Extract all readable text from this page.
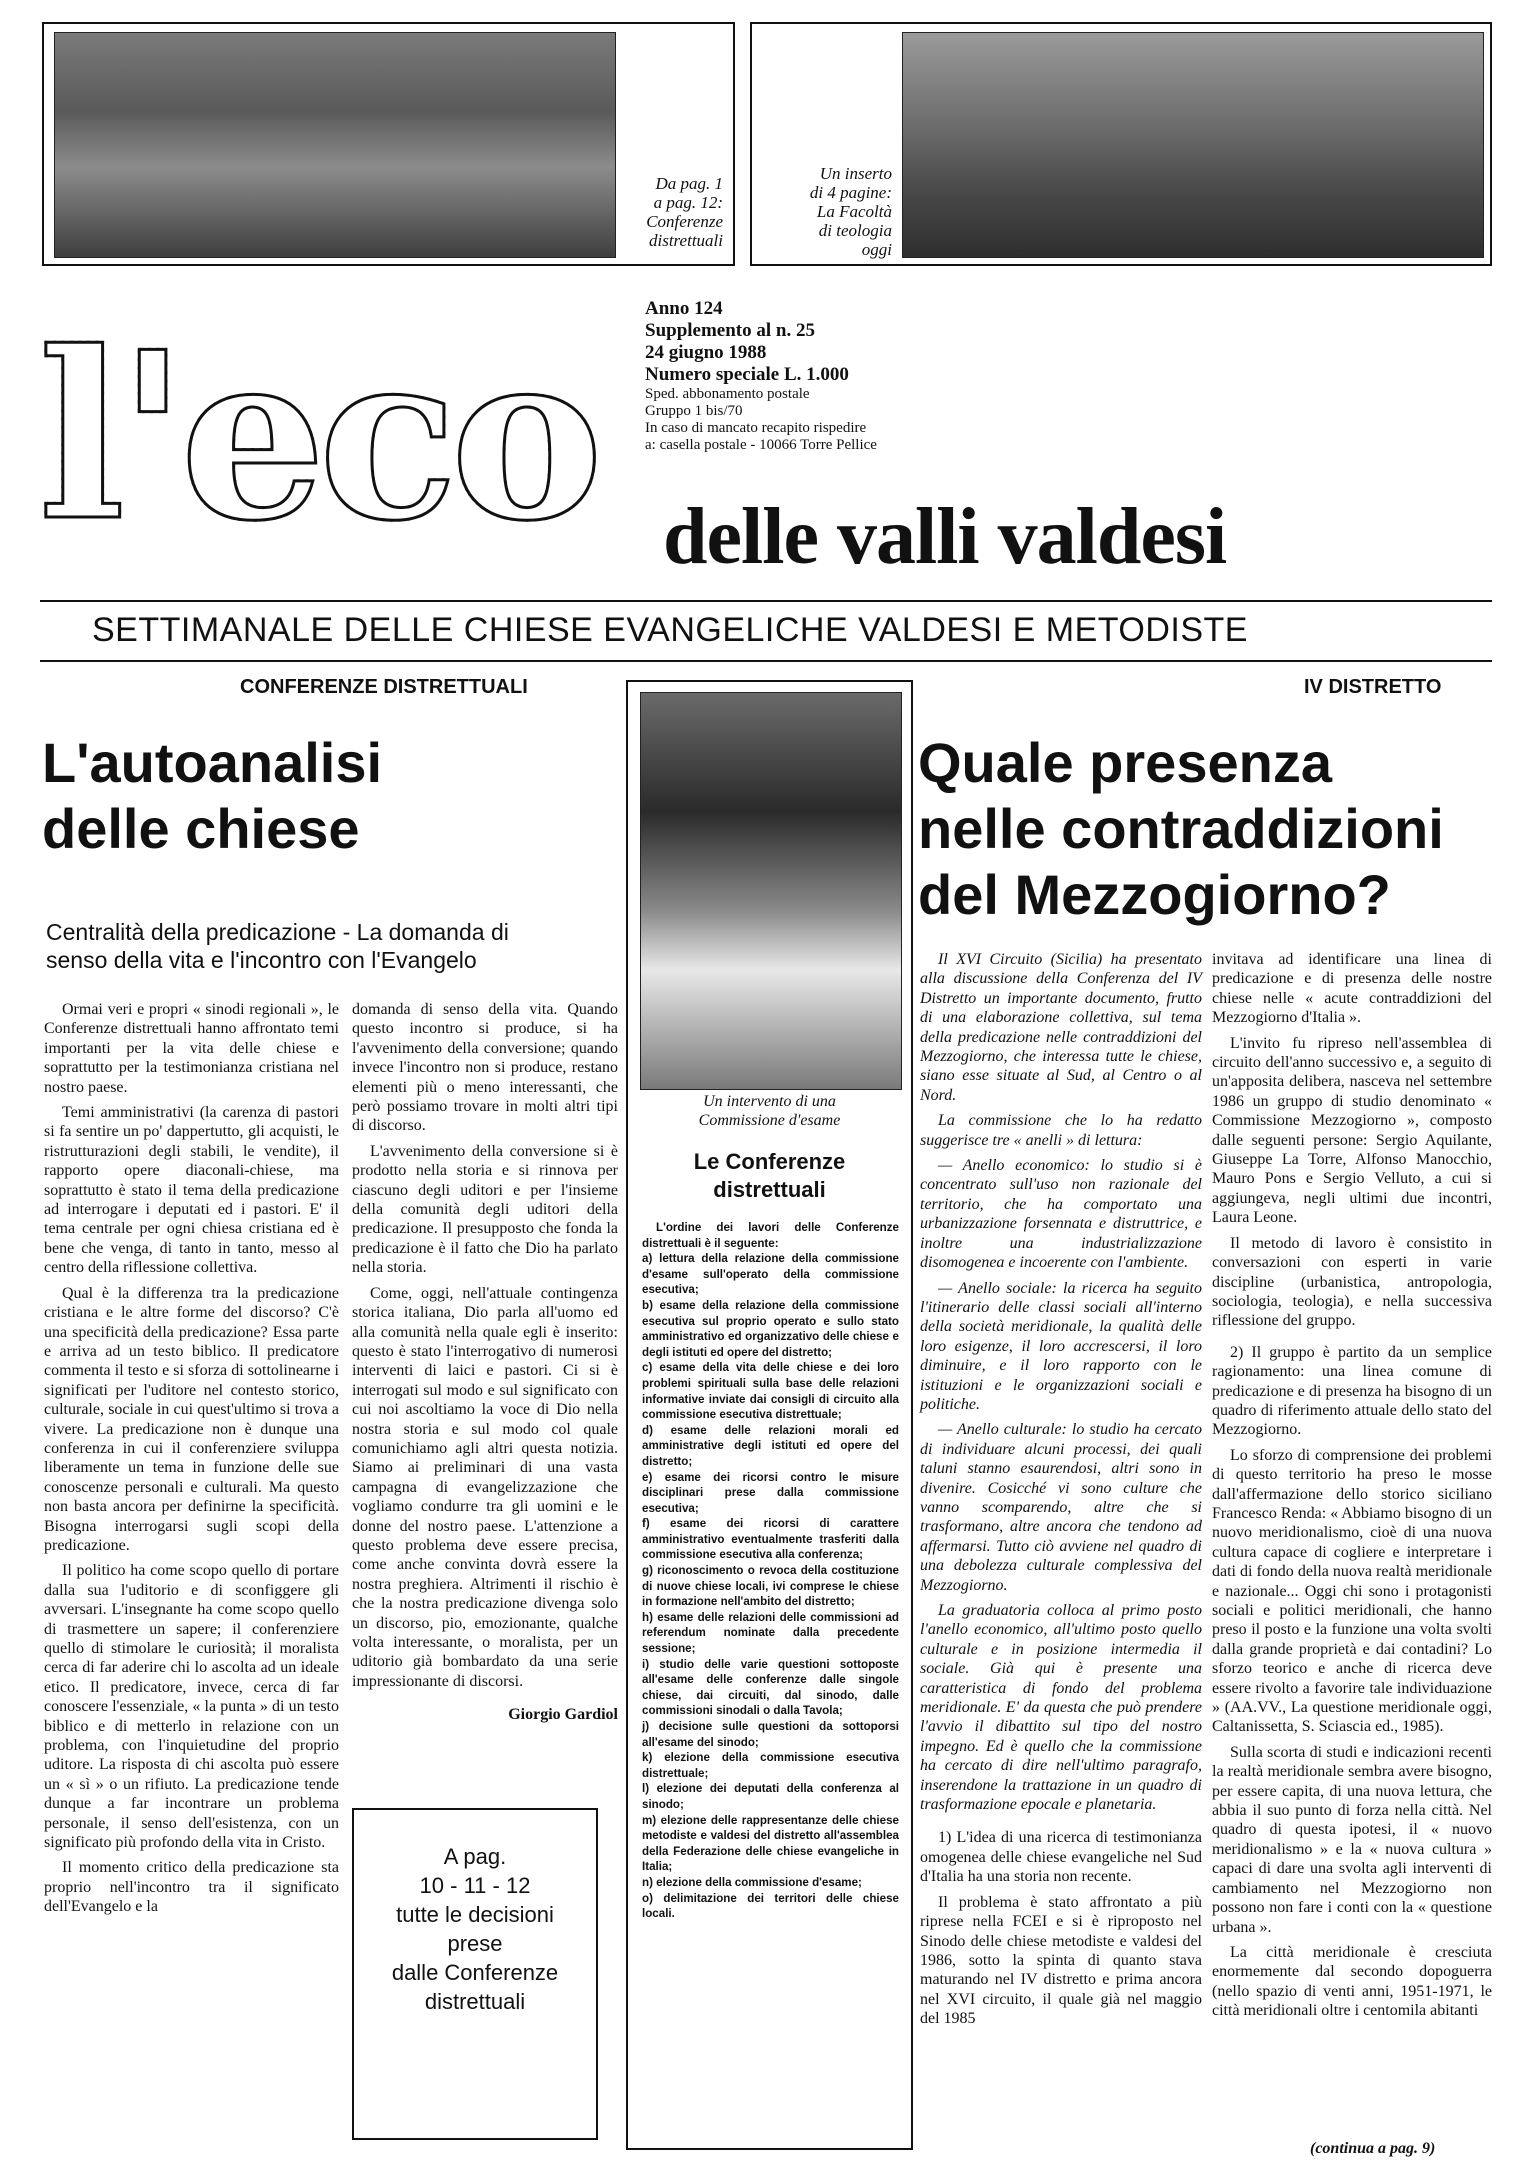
Da pag. 1
a pag. 12:
Conferenze
distrettuali
Un inserto
di 4 pagine:
La Facoltà
di teologia
oggi
l'eco	Anno 124
Supplemento al n. 25
24 giugno 1988
Numero speciale L. 1.000
Sped. abbonamento postale
Gruppo 1 bis/70
In caso di mancato recapito rispedire
a: casella postale - 10066 Torre Pellice
delle valli valdesi
SETTIMANALE DELLE CHIESE EVANGELICHE VALDESI E METODISTE
CONFERENZE DISTRETTUALI
L'autoanalisi
delle chiese
Centralità della predicazione - La domanda di
senso della vita e l'incontro con l'Evangelo

Ormai veri e propri « sinodi regionali », le Conferenze distrettuali hanno affrontato temi importanti per la vita delle chiese e soprattutto per la testimonianza cristiana nel nostro paese.

Temi amministrativi (la carenza di pastori si fa sentire un po' dappertutto, gli acquisti, le ristrutturazioni degli stabili, le vendite), il rapporto opere diaconali-chiese, ma soprattutto è stato il tema della predicazione ad interrogare i deputati ed i pastori. E' il tema centrale per ogni chiesa cristiana ed è bene che venga, di tanto in tanto, messo al centro della riflessione collettiva.

Qual è la differenza tra la predicazione cristiana e le altre forme del discorso? C'è una specificità della predicazione? Essa parte e arriva ad un testo biblico. Il predicatore commenta il testo e si sforza di sottolinearne i significati per l'uditore nel contesto storico, culturale, sociale in cui quest'ultimo si trova a vivere. La predicazione non è dunque una conferenza in cui il conferenziere sviluppa liberamente un tema in funzione delle sue conoscenze personali e culturali. Ma questo non basta ancora per definirne la specificità. Bisogna interrogarsi sugli scopi della predicazione.

Il politico ha come scopo quello di portare dalla sua l'uditorio e di sconfiggere gli avversari. L'insegnante ha come scopo quello di trasmettere un sapere; il conferenziere quello di stimolare le curiosità; il moralista cerca di far aderire chi lo ascolta ad un ideale etico. Il predicatore, invece, cerca di far conoscere l'essenziale, « la punta » di un testo biblico e di metterlo in relazione con un problema, con l'inquietudine del proprio uditore. La risposta di chi ascolta può essere un « sì » o un rifiuto. La predicazione tende dunque a far incontrare un problema personale, il senso dell'esistenza, con un significato più profondo della vita in Cristo.

Il momento critico della predicazione sta proprio nell'incontro tra il significato dell'Evangelo e la

domanda di senso della vita. Quando questo incontro si produce, si ha l'avvenimento della conversione; quando invece l'incontro non si produce, restano elementi più o meno interessanti, che però possiamo trovare in molti altri tipi di discorso.

L'avvenimento della conversione si è prodotto nella storia e si rinnova per ciascuno degli uditori e per l'insieme della comunità degli uditori della predicazione. Il presupposto che fonda la predicazione è il fatto che Dio ha parlato nella storia.

Come, oggi, nell'attuale contingenza storica italiana, Dio parla all'uomo ed alla comunità nella quale egli è inserito: questo è stato l'interrogativo di numerosi interventi di laici e pastori. Ci si è interrogati sul modo e sul significato con cui noi ascoltiamo la voce di Dio nella nostra storia e sul modo col quale comunichiamo agli altri questa notizia. Siamo ai preliminari di una vasta campagna di evangelizzazione che vogliamo condurre tra gli uomini e le donne del nostro paese. L'attenzione a questo problema deve essere precisa, come anche convinta dovrà essere la nostra preghiera. Altrimenti il rischio è che la nostra predicazione divenga solo un discorso, pio, emozionante, qualche volta interessante, o moralista, per un uditorio già bombardato da una serie impressionante di discorsi.

Giorgio Gardiol
A pag.
10 - 11 - 12
tutte le decisioni
prese
dalle Conferenze
distrettuali
Un intervento di una
Commissione d'esame
Le Conferenze
distrettuali

L'ordine dei lavori delle Conferenze distrettuali è il seguente:

a) lettura della relazione della commissione d'esame sull'operato della commissione esecutiva;

b) esame della relazione della commissione esecutiva sul proprio operato e sullo stato amministrativo ed organizzativo delle chiese e degli istituti ed opere del distretto;

c) esame della vita delle chiese e dei loro problemi spirituali sulla base delle relazioni informative inviate dai consigli di circuito alla commissione esecutiva distrettuale;

d) esame delle relazioni morali ed amministrative degli istituti ed opere del distretto;

e) esame dei ricorsi contro le misure disciplinari prese dalla commissione esecutiva;

f) esame dei ricorsi di carattere amministrativo eventualmente trasferiti dalla commissione esecutiva alla conferenza;

g) riconoscimento o revoca della costituzione di nuove chiese locali, ivi comprese le chiese in formazione nell'ambito del distretto;

h) esame delle relazioni delle commissioni ad referendum nominate dalla precedente sessione;

i) studio delle varie questioni sottoposte all'esame delle conferenze dalle singole chiese, dai circuiti, dal sinodo, dalle commissioni sinodali o dalla Tavola;

j) decisione sulle questioni da sottoporsi all'esame del sinodo;

k) elezione della commissione esecutiva distrettuale;

l) elezione dei deputati della conferenza al sinodo;

m) elezione delle rappresentanze delle chiese metodiste e valdesi del distretto all'assemblea della Federazione delle chiese evangeliche in Italia;

n) elezione della commissione d'esame;

o) delimitazione dei territori delle chiese locali.

IV DISTRETTO
Quale presenza
nelle contraddizioni
del Mezzogiorno?

Il XVI Circuito (Sicilia) ha presentato alla discussione della Conferenza del IV Distretto un importante documento, frutto di una elaborazione collettiva, sul tema della predicazione nelle contraddizioni del Mezzogiorno, che interessa tutte le chiese, siano esse situate al Sud, al Centro o al Nord.

La commissione che lo ha redatto suggerisce tre « anelli » di lettura:

— Anello economico: lo studio si è concentrato sull'uso non razionale del territorio, che ha comportato una urbanizzazione forsennata e distruttrice, e inoltre una industrializzazione disomogenea e incoerente con l'ambiente.

— Anello sociale: la ricerca ha seguito l'itinerario delle classi sociali all'interno della società meridionale, la qualità delle loro esigenze, il loro accrescersi, il loro diminuire, e il loro rapporto con le istituzioni e le organizzazioni sociali e politiche.

— Anello culturale: lo studio ha cercato di individuare alcuni processi, dei quali taluni stanno esaurendosi, altri sono in divenire. Cosicché vi sono culture che vanno scomparendo, altre che si trasformano, altre ancora che tendono ad affermarsi. Tutto ciò avviene nel quadro di una debolezza culturale complessiva del Mezzogiorno.

La graduatoria colloca al primo posto l'anello economico, all'ultimo posto quello culturale e in posizione intermedia il sociale. Già qui è presente una caratteristica di fondo del problema meridionale. E' da questa che può prendere l'avvio il dibattito sul tipo del nostro impegno. Ed è quello che la commissione ha cercato di dire nell'ultimo paragrafo, inserendone la trattazione in un quadro di trasformazione epocale e planetaria.

1) L'idea di una ricerca di testimonianza omogenea delle chiese evangeliche nel Sud d'Italia ha una storia non recente.

Il problema è stato affrontato a più riprese nella FCEI e si è riproposto nel Sinodo delle chiese metodiste e valdesi del 1986, sotto la spinta di quanto stava maturando nel IV distretto e prima ancora nel XVI circuito, il quale già nel maggio del 1985

invitava ad identificare una linea di predicazione e di presenza delle nostre chiese nelle « acute contraddizioni del Mezzogiorno d'Italia ».

L'invito fu ripreso nell'assemblea di circuito dell'anno successivo e, a seguito di un'apposita delibera, nasceva nel settembre 1986 un gruppo di studio denominato « Commissione Mezzogiorno », composto dalle seguenti persone: Sergio Aquilante, Giuseppe La Torre, Alfonso Manocchio, Mauro Pons e Sergio Velluto, a cui si aggiungeva, negli ultimi due incontri, Laura Leone.

Il metodo di lavoro è consistito in conversazioni con esperti in varie discipline (urbanistica, antropologia, sociologia, teologia), e nella successiva riflessione del gruppo.

2) Il gruppo è partito da un semplice ragionamento: una linea comune di predicazione e di presenza ha bisogno di un quadro di riferimento attuale dello stato del Mezzogiorno.

Lo sforzo di comprensione dei problemi di questo territorio ha preso le mosse dall'affermazione dello storico siciliano Francesco Renda: « Abbiamo bisogno di un nuovo meridionalismo, cioè di una nuova cultura capace di cogliere e interpretare i dati di fondo della nuova realtà meridionale e nazionale... Oggi chi sono i protagonisti sociali e politici meridionali, che hanno preso il posto e la funzione una volta svolti dalla grande proprietà e dai contadini? Lo sforzo teorico e anche di ricerca deve essere rivolto a favorire tale individuazione » (AA.VV., La questione meridionale oggi, Caltanissetta, S. Sciascia ed., 1985).

Sulla scorta di studi e indicazioni recenti la realtà meridionale sembra avere bisogno, per essere capita, di una nuova lettura, che abbia il suo punto di forza nella città. Nel quadro di questa ipotesi, il « nuovo meridionalismo » e la « nuova cultura » capaci di dare una svolta agli interventi di cambiamento nel Mezzogiorno non possono non fare i conti con la « questione urbana ».

La città meridionale è cresciuta enormemente dal secondo dopoguerra (nello spazio di venti anni, 1951-1971, le città meridionali oltre i centomila abitanti

(continua a pag. 9)
